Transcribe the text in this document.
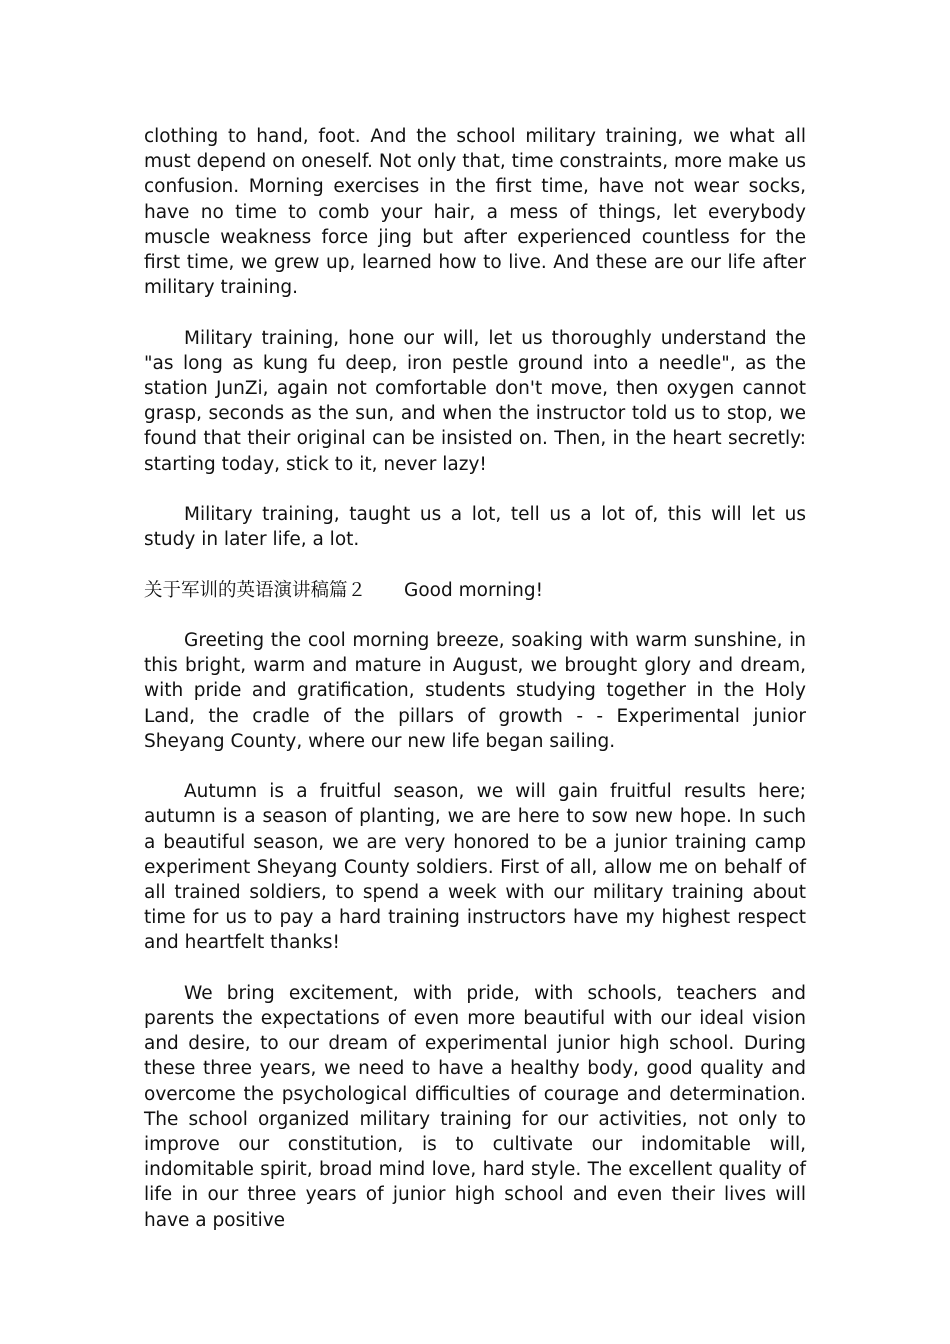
clothing to hand, foot. And the school military training, we what all must depend on oneself. Not only that, time constraints, more make us confusion. Morning exercises in the first time, have not wear socks, have no time to comb your hair, a mess of things, let everybody muscle weakness force jing but after experienced countless for the first time, we grew up, learned how to live. And these are our life after military training.

Military training, hone our will, let us thoroughly understand the "as long as kung fu deep, iron pestle ground into a needle", as the station JunZi, again not comfortable don't move, then oxygen cannot grasp, seconds as the sun, and when the instructor told us to stop, we found that their original can be insisted on. Then, in the heart secretly: starting today, stick to it, never lazy!

Military training, taught us a lot, tell us a lot of, this will let us study in later life, a lot.

关于军训的英语演讲稿篇２ Good morning!

Greeting the cool morning breeze, soaking with warm sunshine, in this bright, warm and mature in August, we brought glory and dream, with pride and gratification, students studying together in the Holy Land, the cradle of the pillars of growth - - Experimental junior Sheyang County, where our new life began sailing.

Autumn is a fruitful season, we will gain fruitful results here; autumn is a season of planting, we are here to sow new hope. In such a beautiful season, we are very honored to be a junior training camp experiment Sheyang County soldiers. First of all, allow me on behalf of all trained soldiers, to spend a week with our military training about time for us to pay a hard training instructors have my highest respect and heartfelt thanks!

We bring excitement, with pride, with schools, teachers and parents the expectations of even more beautiful with our ideal vision and desire, to our dream of experimental junior high school. During these three years, we need to have a healthy body, good quality and overcome the psychological difficulties of courage and determination. The school organized military training for our activities, not only to improve our constitution, is to cultivate our indomitable will, indomitable spirit, broad mind love, hard style. The excellent quality of life in our three years of junior high school and even their lives will have a positive
